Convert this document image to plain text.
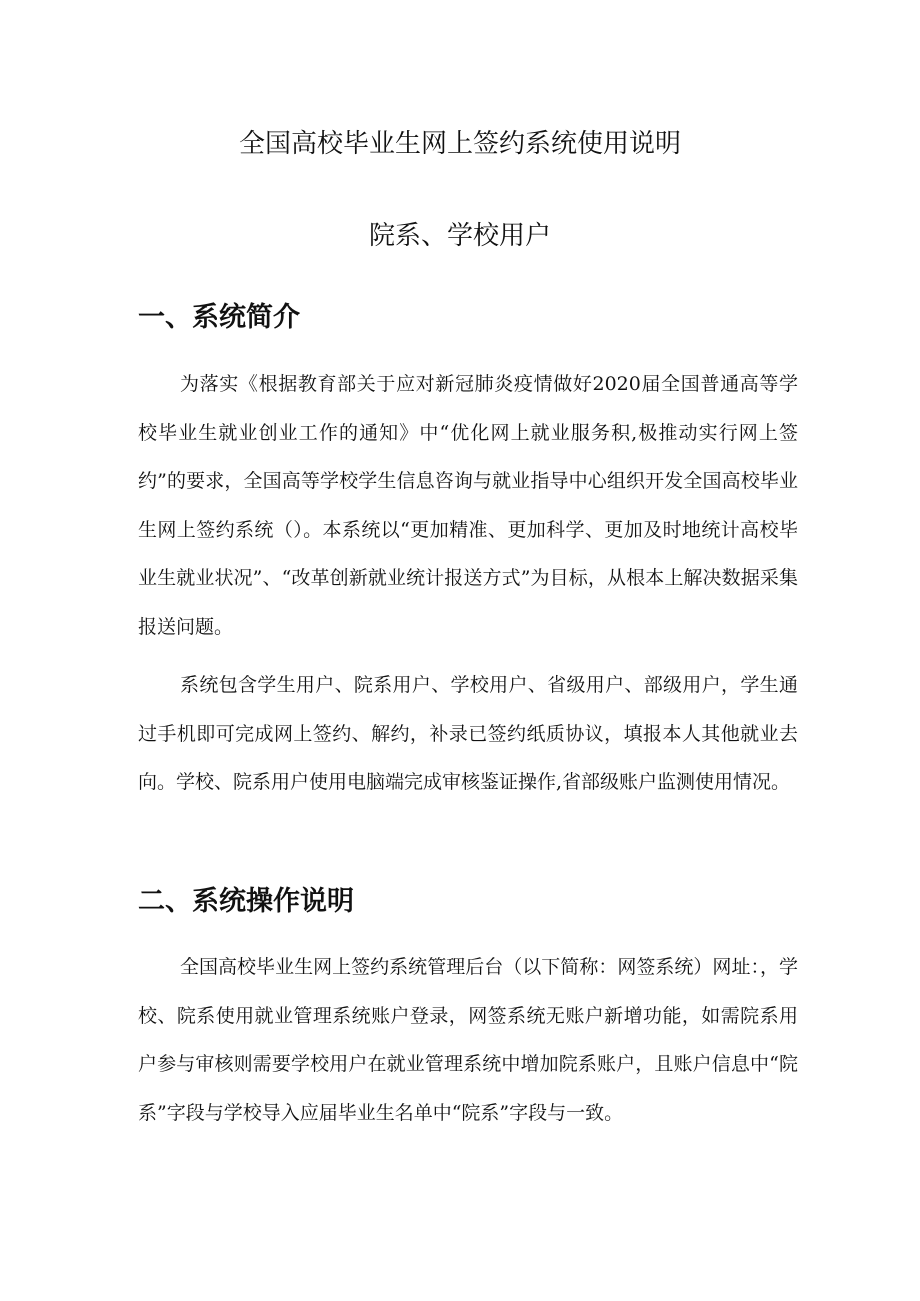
全国高校毕业生网上签约系统使用说明
院系、学校用户
一、系统简介

为落实《根据教育部关于应对新冠肺炎疫情做好2020届全国普通高等学校毕业生就业创业工作的通知》中“优化网上就业服务积,极推动实行网上签约”的要求，全国高等学校学生信息咨询与就业指导中心组织开发全国高校毕业生网上签约系统（）。本系统以“更加精准、更加科学、更加及时地统计高校毕业生就业状况”、“改革创新就业统计报送方式”为目标，从根本上解决数据采集报送问题。

系统包含学生用户、院系用户、学校用户、省级用户、部级用户，学生通过手机即可完成网上签约、解约，补录已签约纸质协议，填报本人其他就业去向。学校、院系用户使用电脑端完成审核鉴证操作,省部级账户监测使用情况。

二、系统操作说明

全国高校毕业生网上签约系统管理后台（以下简称：网签系统）网址：，学校、院系使用就业管理系统账户登录，网签系统无账户新增功能，如需院系用户参与审核则需要学校用户在就业管理系统中增加院系账户，且账户信息中“院系”字段与学校导入应届毕业生名单中“院系”字段与一致。
